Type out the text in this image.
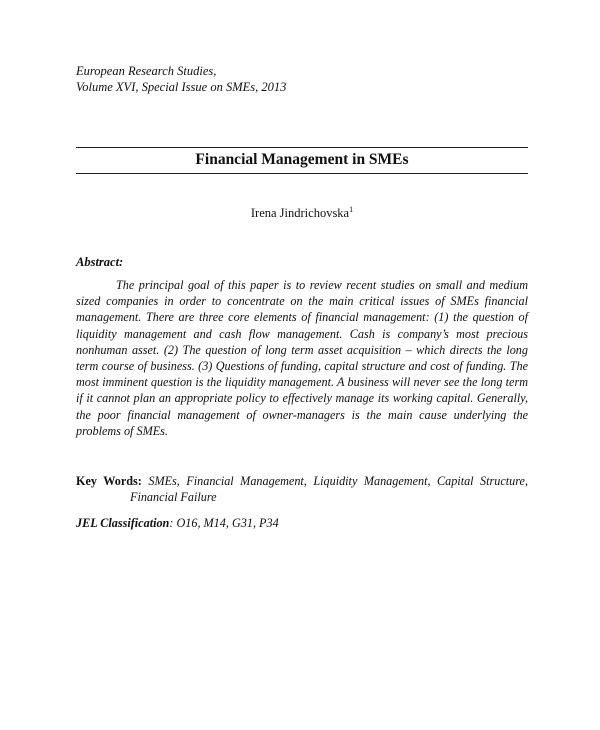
European Research Studies,
Volume XVI, Special Issue on SMEs, 2013
Financial Management in SMEs
Irena Jindrichovska$^1$
Abstract:
The principal goal of this paper is to review recent studies on small and medium sized companies in order to concentrate on the main critical issues of SMEs financial management. There are three core elements of financial management: (1) the question of liquidity management and cash flow management. Cash is company’s most precious nonhuman asset. (2) The question of long term asset acquisition – which directs the long term course of business. (3) Questions of funding, capital structure and cost of funding. The most imminent question is the liquidity management. A business will never see the long term if it cannot plan an appropriate policy to effectively manage its working capital. Generally, the poor financial management of owner-managers is the main cause underlying the problems of SMEs.
Key Words: SMEs, Financial Management, Liquidity Management, Capital Structure,
Financial Failure
JEL Classification: O16, M14, G31, P34
